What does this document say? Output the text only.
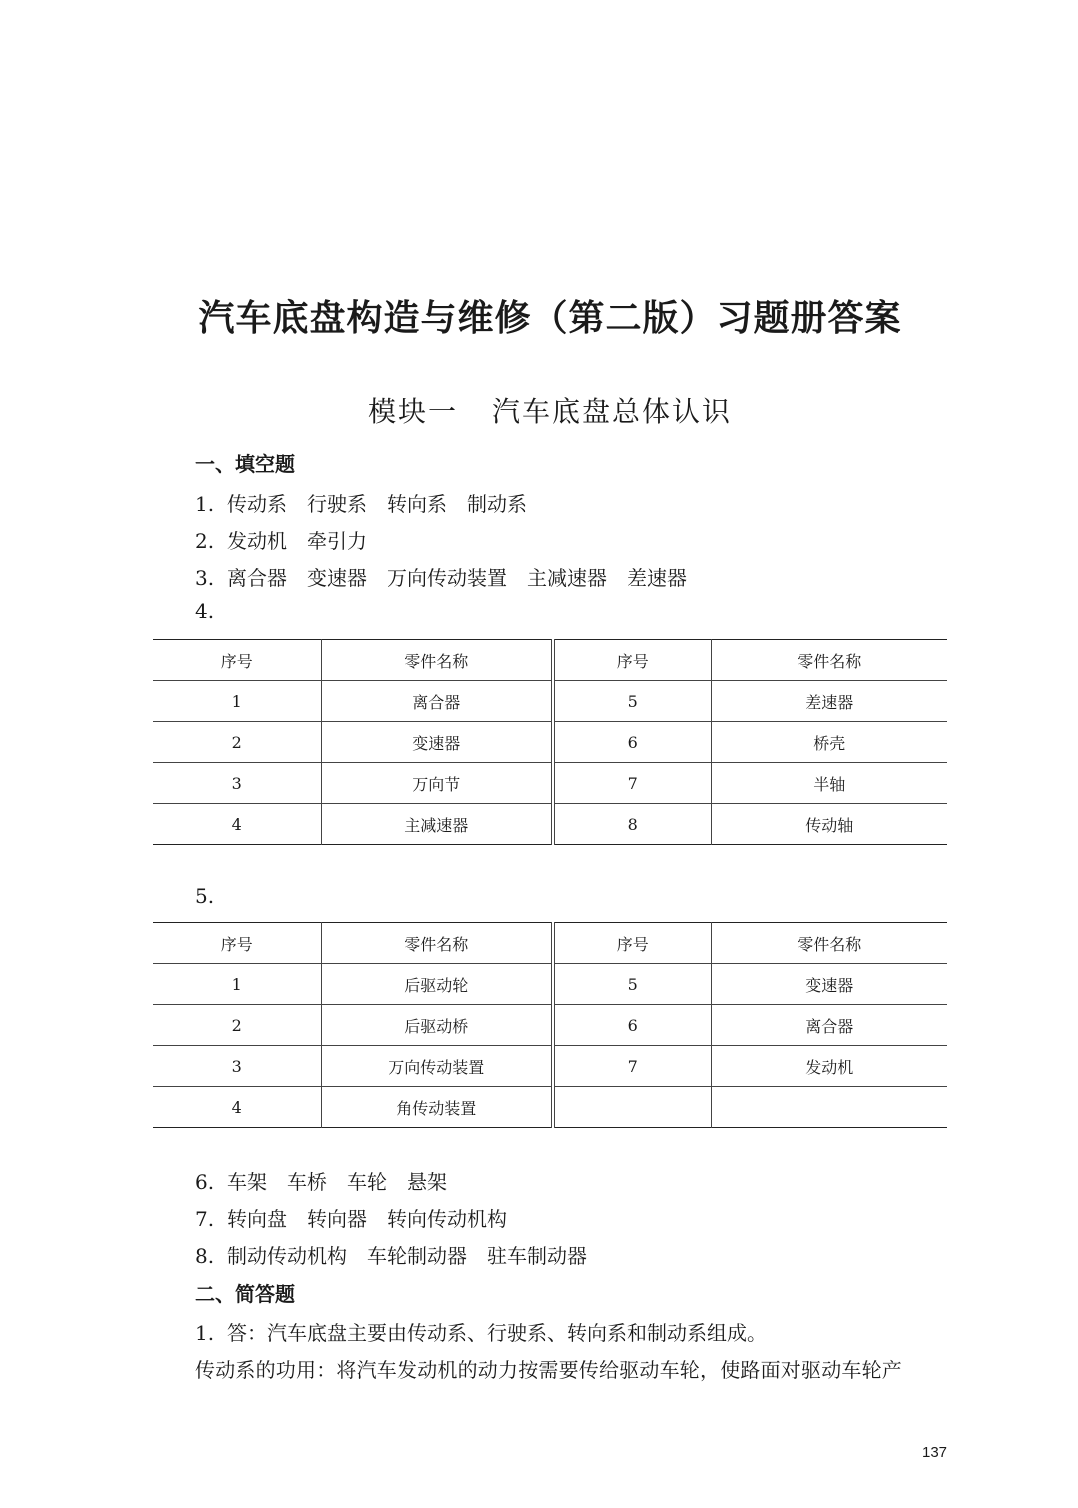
汽车底盘构造与维修（第二版）习题册答案
模块一 汽车底盘总体认识
一、填空题
1. 传动系 行驶系 转向系 制动系
2. 发动机 牵引力
3. 离合器 变速器 万向传动装置 主减速器 差速器
4.
序号	零件名称	序号	零件名称
1	离合器	5	差速器
2	变速器	6	桥壳
3	万向节	7	半轴
4	主减速器	8	传动轴
5.
序号	零件名称	序号	零件名称
1	后驱动轮	5	变速器
2	后驱动桥	6	离合器
3	万向传动装置	7	发动机
4	角传动装置		
6. 车架 车桥 车轮 悬架
7. 转向盘 转向器 转向传动机构
8. 制动传动机构 车轮制动器 驻车制动器
二、简答题
1. 答：汽车底盘主要由传动系、行驶系、转向系和制动系组成。
传动系的功用：将汽车发动机的动力按需要传给驱动车轮，使路面对驱动车轮产
137
